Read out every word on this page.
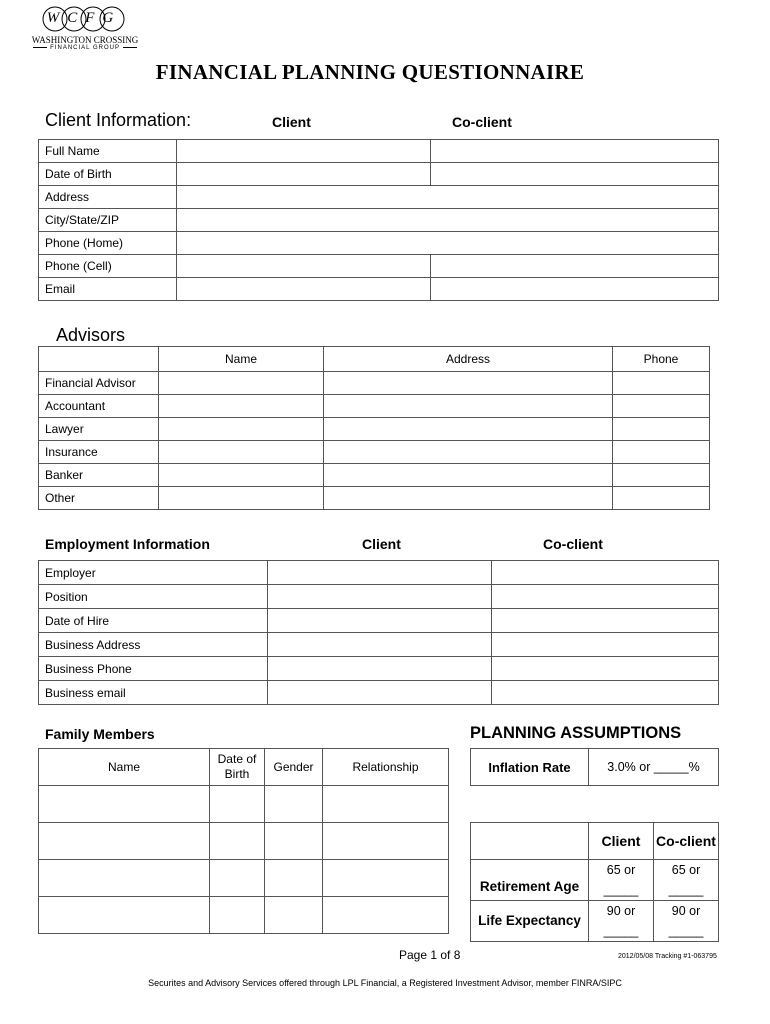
WCFG
WASHINGTON CROSSING
FINANCIAL GROUP
FINANCIAL PLANNING QUESTIONNAIRE
Client Information:	Client	Co-client
Full Name		
Date of Birth		
Address		
City/State/ZIP		
Phone (Home)		
Phone (Cell)		
Email		
Advisors
	Name	Address	Phone
Financial Advisor			
Accountant			
Lawyer			
Insurance			
Banker			
Other			
Employment Information	Client	Co-client
Employer		
Position		
Date of Hire		
Business Address		
Business Phone		
Business email		
Family Members
Name	Date of Birth	Gender	Relationship

PLANNING ASSUMPTIONS
Inflation Rate	3.0% or _____%
	Client	Co-client
Retirement Age	65 or _____	65 or _____
Life Expectancy	90 or _____	90 or _____
Page 1 of 8	2012/05/08 Tracking #1-063795
Securites and Advisory Services offered through LPL Financial, a Registered Investment Advisor, member FINRA/SIPC
